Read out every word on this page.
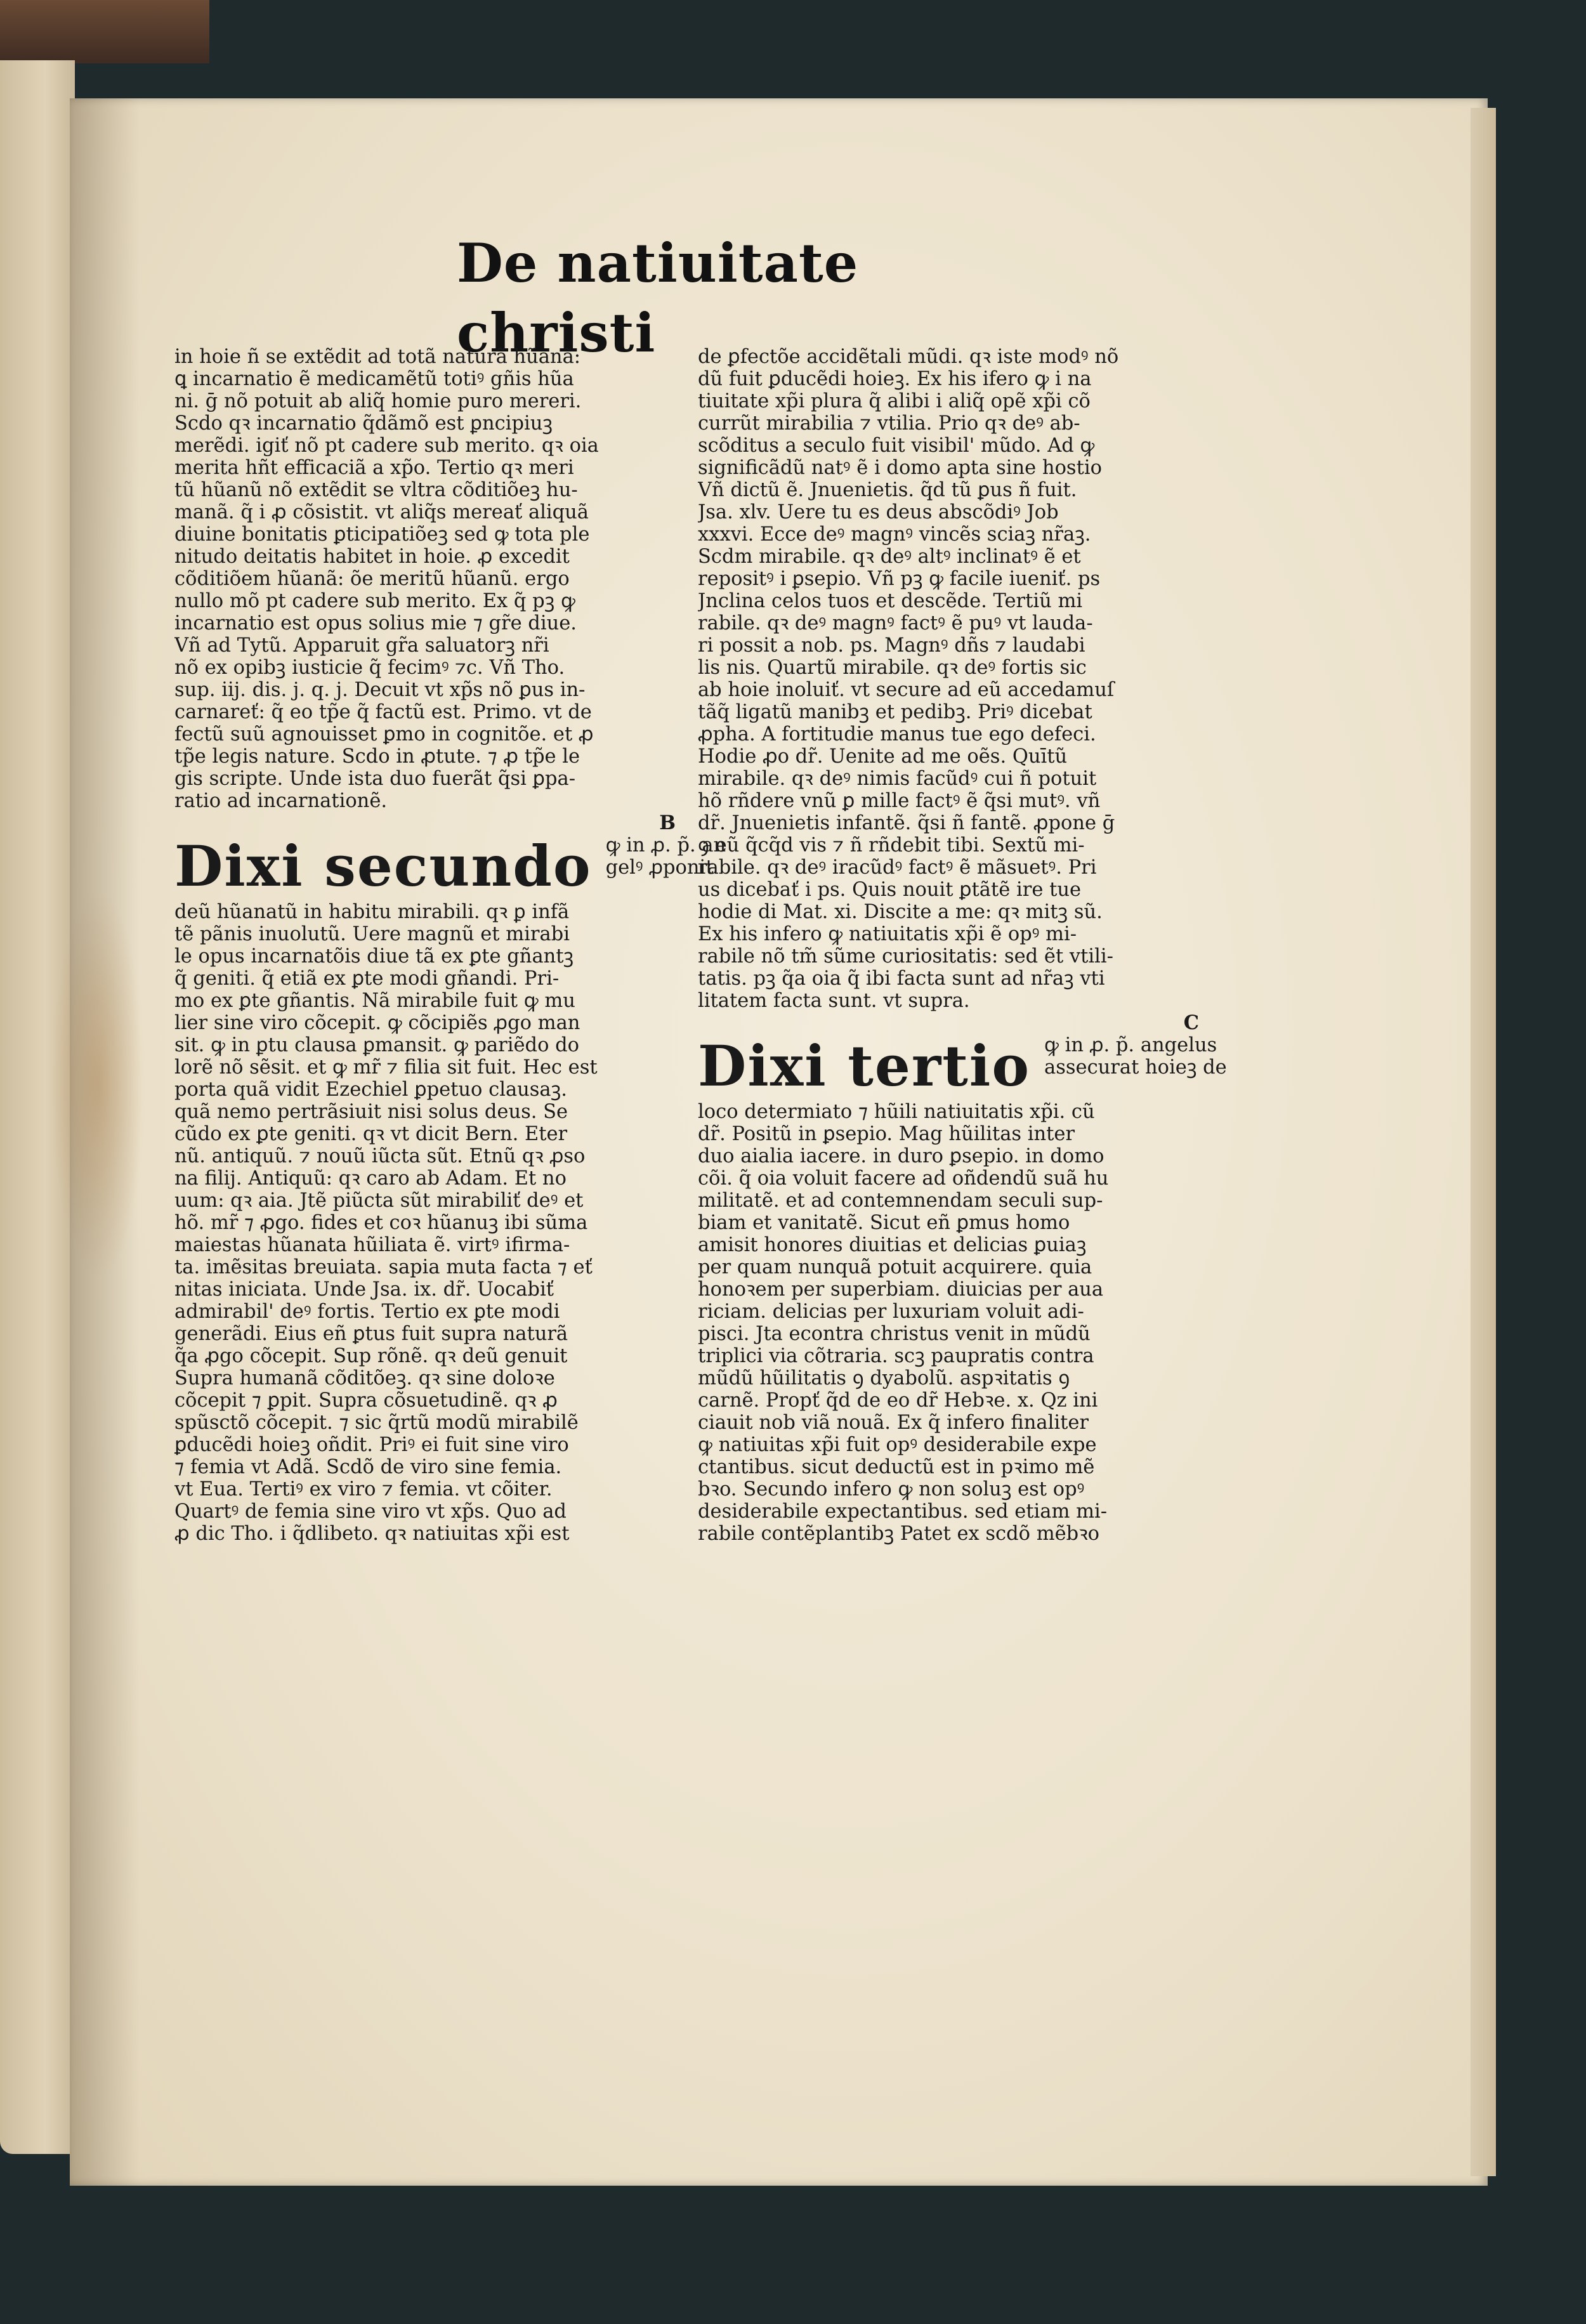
De natiuitate christi
in hoie ñ se extẽdit ad totã naturã hũanã:
ꝗ incarnatio ẽ medicamẽtũ totiꝰ gñis hũa
ni. ḡ nõ potuit ab aliq̃ homie puro mereri.
Scdo qꝛ incarnatio q̃dãmõ est ꝑncipiuꝫ
merẽdi. igiť nõ pt cadere sub merito. qꝛ oia
merita hñt efficaciã a xp̃o. Tertio qꝛ meri
tũ hũanũ nõ extẽdit se vltra cõditiõeꝫ hu-
manã. q̃ i ꝓ cõsistit. vt aliq̃s mereať aliquã
diuine bonitatis ꝑticipatiõeꝫ sed ꝙ tota ple
nitudo deitatis habitet in hoie. ꝓ excedit
cõditiõem hũanã: õe meritũ hũanũ. ergo
nullo mõ pt cadere sub merito. Ex q̃ pꝫ ꝙ
incarnatio est opus solius mie ⁊ gr̃e diue.
Vñ ad Tytũ. Apparuit gr̃a saluatorꝫ nr̃i
nõ ex opibꝫ iusticie q̃ fecimꝰ ⁊c. Vñ Tho.
sup. iij. dis. j. q. j. Decuit vt xp̃s nõ ꝑus in-
carnareť: q̃ eo tp̃e q̃ factũ est. Primo. vt de
fectũ suũ agnouisset ꝑmo in cognitõe. et ꝓ
tp̃e legis nature. Scdo in ꝓtute. ⁊ ꝓ tp̃e le
gis scripte. Unde ista duo fuerãt q̃si ꝑpa-
ratio ad incarnationẽ.
B
Dixi secundo ꝙ in ꝓ. p̃. an
gelꝰ ꝓponit
deũ hũanatũ in habitu mirabili. qꝛ ꝑ infã
tẽ pãnis inuolutũ. Uere magnũ et mirabi
le opus incarnatõis diue tã ex ꝑte gñantꝫ
q̃ geniti. q̃ etiã ex ꝑte modi gñandi. Pri-
mo ex ꝑte gñantis. Nã mirabile fuit ꝙ mu
lier sine viro cõcepit. ꝙ cõcipiẽs ꝓgo man
sit. ꝙ in ꝑtu clausa ꝑmansit. ꝙ pariẽdo do
lorẽ nõ sẽsit. et ꝙ mr̃ ⁊ filia sit fuit. Hec est
porta quã vidit Ezechiel ꝑpetuo clausaꝫ.
quã nemo pertrãsiuit nisi solus deus. Se
cũdo ex ꝑte geniti. qꝛ vt dicit Bern. Eter
nũ. antiquũ. ⁊ nouũ iũcta sũt. Etnũ qꝛ ꝓso
na filij. Antiquũ: qꝛ caro ab Adam. Et no
uum: qꝛ aia. Jtẽ piũcta sũt mirabiliť deꝰ et
hõ. mr̃ ⁊ ꝓgo. fides et coꝛ hũanuꝫ ibi sũma
maiestas hũanata hũiliata ẽ. virtꝰ ifirma-
ta. imẽsitas breuiata. sapia muta facta ⁊ eť
nitas iniciata. Unde Jsa. ix. dr̃. Uocabiť
admirabil' deꝰ fortis. Tertio ex ꝑte modi
generãdi. Eius eñ ꝑtus fuit supra naturã
q̃a ꝓgo cõcepit. Sup rõnẽ. qꝛ deũ genuit
Supra humanã cõditõeꝫ. qꝛ sine doloꝛe
cõcepit ⁊ ꝑpit. Supra cõsuetudinẽ. qꝛ ꝓ
spũsctõ cõcepit. ⁊ sic q̃rtũ modũ mirabilẽ
ꝑducẽdi hoieꝫ oñdit. Priꝰ ei fuit sine viro
⁊ femia vt Adã. Scdõ de viro sine femia.
vt Eua. Tertiꝰ ex viro ⁊ femia. vt cõiter.
Quartꝰ de femia sine viro vt xp̃s. Quo ad
ꝓ dic Tho. i q̃dlibeto. qꝛ natiuitas xp̃i est
de ꝑfectõe accidẽtali mũdi. qꝛ iste modꝰ nõ
dũ fuit ꝑducẽdi hoieꝫ. Ex his ifero ꝙ i na
tiuitate xp̃i plura q̃ alibi i aliq̃ opẽ xp̃i cõ
currũt mirabilia ⁊ vtilia. Prio qꝛ deꝰ ab-
scõditus a seculo fuit visibil' mũdo. Ad ꝙ
significãdũ natꝰ ẽ i domo apta sine hostio
Vñ dictũ ẽ. Jnuenietis. q̃d tũ ꝑus ñ fuit.
Jsa. xlv. Uere tu es deus abscõdiꝰ Job
xxxvi. Ecce deꝰ magnꝰ vincẽs sciaꝫ nr̃aꝫ.
Scdm mirabile. qꝛ deꝰ altꝰ inclinatꝰ ẽ et
repositꝰ i ꝑsepio. Vñ pꝫ ꝙ facile iueniť. ps
Jnclina celos tuos et descẽde. Tertiũ mi
rabile. qꝛ deꝰ magnꝰ factꝰ ẽ puꝰ vt lauda-
ri possit a nob. ps. Magnꝰ dñs ⁊ laudabi
lis nis. Quartũ mirabile. qꝛ deꝰ fortis sic
ab hoie inoluiť. vt secure ad eũ accedamuſ
tãq̃ ligatũ manibꝫ et pedibꝫ. Priꝰ dicebat
ꝓpha. A fortitudie manus tue ego defeci.
Hodie ꝓo dr̃. Uenite ad me oẽs. Quītũ
mirabile. qꝛ deꝰ nimis facũdꝰ cui ñ potuit
hõ rñdere vnũ ꝑ mille factꝰ ẽ q̃si mutꝰ. vñ
dr̃. Jnuenietis infantẽ. q̃si ñ fantẽ. ꝓpone ḡ
ꝯ eũ q̃cq̃d vis ⁊ ñ rñdebit tibi. Sextũ mi-
rabile. qꝛ deꝰ iracũdꝰ factꝰ ẽ mãsuetꝰ. Pri
us dicebať i ps. Quis nouit ꝑtãtẽ ire tue
hodie di Mat. xi. Discite a me: qꝛ mitꝫ sũ.
Ex his infero ꝙ natiuitatis xp̃i ẽ opꝰ mi-
rabile nõ tm̃ sũme curiositatis: sed ẽt vtili-
tatis. pꝫ q̃a oia q̃ ibi facta sunt ad nr̃aꝫ vti
litatem facta sunt. vt supra.
C
Dixi tertio ꝙ in ꝓ. p̃. angelus
assecurat hoieꝫ de
loco determiato ⁊ hũili natiuitatis xp̃i. cũ
dr̃. Positũ in ꝑsepio. Mag hũilitas inter
duo aialia iacere. in duro ꝑsepio. in domo
cõi. q̃ oia voluit facere ad oñdendũ suã hu
militatẽ. et ad contemnendam seculi sup-
biam et vanitatẽ. Sicut eñ ꝑmus homo
amisit honores diuitias et delicias ꝑuiaꝫ
per quam nunquã potuit acquirere. quia
honoꝛem per superbiam. diuicias per aua
riciam. delicias per luxuriam voluit adi-
pisci. Jta econtra christus venit in mũdũ
triplici via cõtraria. scꝫ paupratis contra
mũdũ hũilitatis ꝯ dyabolũ. aspꝛitatis ꝯ
carnẽ. Propť q̃d de eo dr̃ Hebꝛe. x. Qz ini
ciauit nob viã nouã. Ex q̃ infero finaliter
ꝙ natiuitas xp̃i fuit opꝰ desiderabile expe
ctantibus. sicut deductũ est in pꝛimo mẽ
bꝛo. Secundo infero ꝙ non soluꝫ est opꝰ
desiderabile expectantibus. sed etiam mi-
rabile contẽplantibꝫ Patet ex scdõ mẽbꝛo
